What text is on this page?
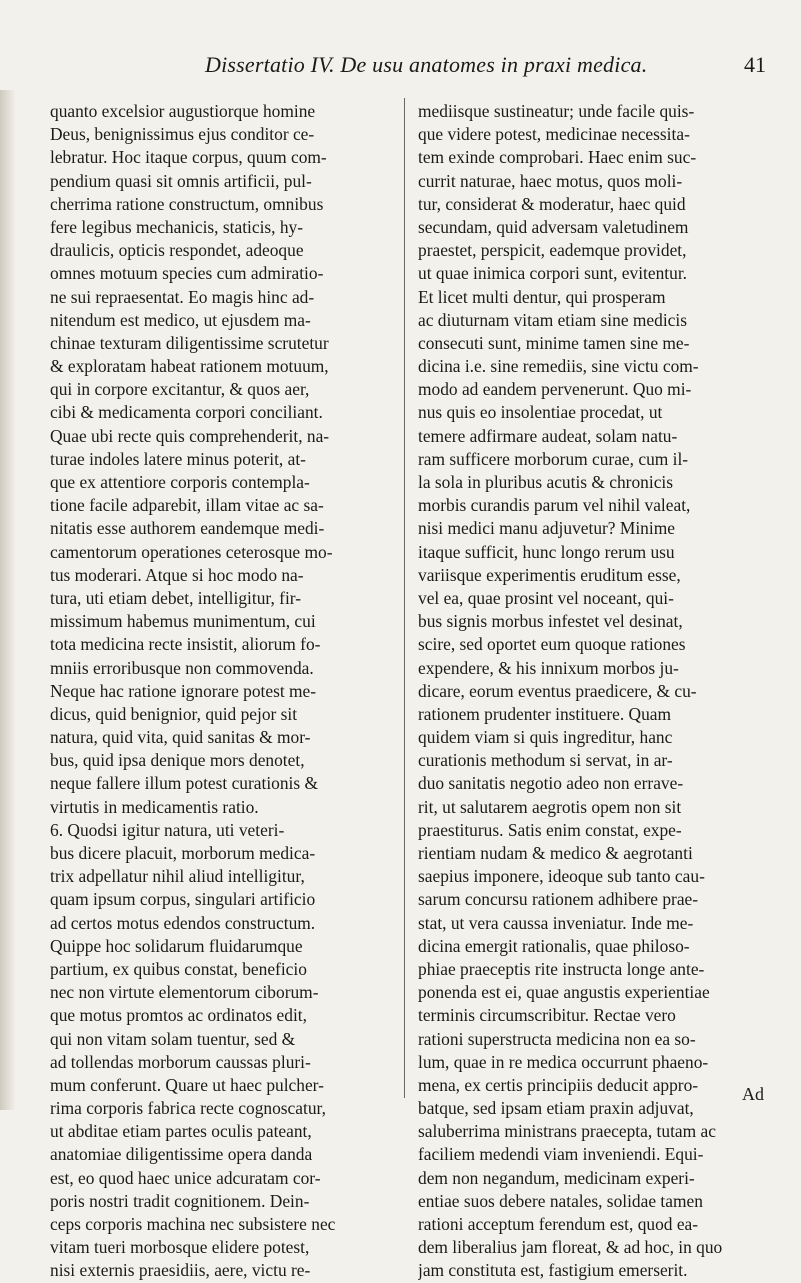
Dissertatio IV. De usu anatomes in praxi medica.	41
quanto excelsior augustiorque homine
Deus, benignissimus ejus conditor ce-
lebratur. Hoc itaque corpus, quum com-
pendium quasi sit omnis artificii, pul-
cherrima ratione constructum, omnibus
fere legibus mechanicis, staticis, hy-
draulicis, opticis respondet, adeoque
omnes motuum species cum admiratio-
ne sui repraesentat. Eo magis hinc ad-
nitendum est medico, ut ejusdem ma-
chinae texturam diligentissime scrutetur
& exploratam habeat rationem motuum,
qui in corpore excitantur, & quos aer,
cibi & medicamenta corpori conciliant.
Quae ubi recte quis comprehenderit, na-
turae indoles latere minus poterit, at-
que ex attentiore corporis contempla-
tione facile adparebit, illam vitae ac sa-
nitatis esse authorem eandemque medi-
camentorum operationes ceterosque mo-
tus moderari. Atque si hoc modo na-
tura, uti etiam debet, intelligitur, fir-
missimum habemus munimentum, cui
tota medicina recte insistit, aliorum fo-
mniis erroribusque non commovenda.
Neque hac ratione ignorare potest me-
dicus, quid benignior, quid pejor sit
natura, quid vita, quid sanitas & mor-
bus, quid ipsa denique mors denotet,
neque fallere illum potest curationis &
virtutis in medicamentis ratio.
6. Quodsi igitur natura, uti veteri-
bus dicere placuit, morborum medica-
trix adpellatur nihil aliud intelligitur,
quam ipsum corpus, singulari artificio
ad certos motus edendos constructum.
Quippe hoc solidarum fluidarumque
partium, ex quibus constat, beneficio
nec non virtute elementorum ciborum-
que motus promtos ac ordinatos edit,
qui non vitam solam tuentur, sed &
ad tollendas morborum caussas pluri-
mum conferunt. Quare ut haec pulcher-
rima corporis fabrica recte cognoscatur,
ut abditae etiam partes oculis pateant,
anatomiae diligentissime opera danda
est, eo quod haec unice adcuratam cor-
poris nostri tradit cognitionem. Dein-
ceps corporis machina nec subsistere nec
vitam tueri morbosque elidere potest,
nisi externis praesidiis, aere, victu re-
mediisque sustineatur; unde facile quis-
que videre potest, medicinae necessita-
tem exinde comprobari. Haec enim suc-
currit naturae, haec motus, quos moli-
tur, considerat & moderatur, haec quid
secundam, quid adversam valetudinem
praestet, perspicit, eademque providet,
ut quae inimica corpori sunt, evitentur.
Et licet multi dentur, qui prosperam
ac diuturnam vitam etiam sine medicis
consecuti sunt, minime tamen sine me-
dicina i.e. sine remediis, sine victu com-
modo ad eandem pervenerunt. Quo mi-
nus quis eo insolentiae procedat, ut
temere adfirmare audeat, solam natu-
ram sufficere morborum curae, cum il-
la sola in pluribus acutis & chronicis
morbis curandis parum vel nihil valeat,
nisi medici manu adjuvetur? Minime
itaque sufficit, hunc longo rerum usu
variisque experimentis eruditum esse,
vel ea, quae prosint vel noceant, qui-
bus signis morbus infestet vel desinat,
scire, sed oportet eum quoque rationes
expendere, & his innixum morbos ju-
dicare, eorum eventus praedicere, & cu-
rationem prudenter instituere. Quam
quidem viam si quis ingreditur, hanc
curationis methodum si servat, in ar-
duo sanitatis negotio adeo non errave-
rit, ut salutarem aegrotis opem non sit
praestiturus. Satis enim constat, expe-
rientiam nudam & medico & aegrotanti
saepius imponere, ideoque sub tanto cau-
sarum concursu rationem adhibere prae-
stat, ut vera caussa inveniatur. Inde me-
dicina emergit rationalis, quae philoso-
phiae praeceptis rite instructa longe ante-
ponenda est ei, quae angustis experientiae
terminis circumscribitur. Rectae vero
rationi superstructa medicina non ea so-
lum, quae in re medica occurrunt phaeno-
mena, ex certis principiis deducit appro-
batque, sed ipsam etiam praxin adjuvat,
saluberrima ministrans praecepta, tutam ac
faciliem medendi viam inveniendi. Equi-
dem non negandum, medicinam experi-
entiae suos debere natales, solidae tamen
rationi acceptum ferendum est, quod ea-
dem liberalius jam floreat, & ad hoc, in quo
jam constituta est, fastigium emerserit.
Ad
